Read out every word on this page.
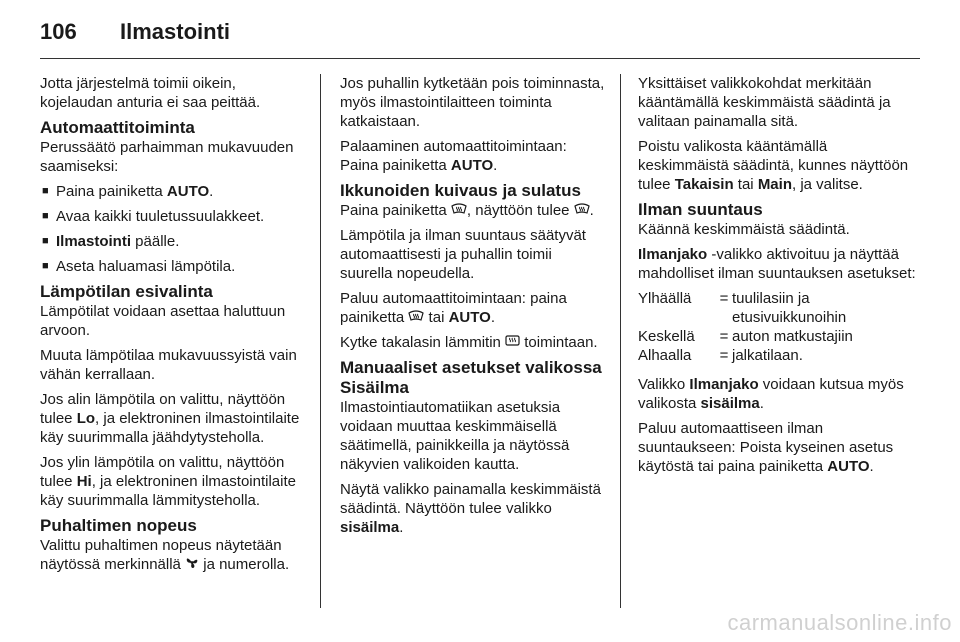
106 Ilmastointi

Jotta järjestelmä toimii oikein, kojelaudan anturia ei saa peittää.

Automaattitoiminta

Perussäätö parhaimman mukavuuden saamiseksi:

■ Paina painiketta AUTO.
■ Avaa kaikki tuuletussuulakkeet.
■ Ilmastointi päälle.
■ Aseta haluamasi lämpötila.
Lämpötilan esivalinta

Lämpötilat voidaan asettaa haluttuun arvoon.

Muuta lämpötilaa mukavuussyistä vain vähän kerrallaan.

Jos alin lämpötila on valittu, näyttöön tulee Lo, ja elektroninen ilmastointilaite käy suurimmalla jäähdytysteholla.

Jos ylin lämpötila on valittu, näyttöön tulee Hi, ja elektroninen ilmastointilaite käy suurimmalla lämmitysteholla.

Puhaltimen nopeus

Valittu puhaltimen nopeus näytetään näytössä merkinnällä  ja numerolla.

Jos puhallin kytketään pois toiminnasta, myös ilmastointilaitteen toiminta katkaistaan.

Palaaminen automaattitoimintaan: Paina painiketta AUTO.

Ikkunoiden kuivaus ja sulatus

Paina painiketta , näyttöön tulee .

Lämpötila ja ilman suuntaus säätyvät automaattisesti ja puhallin toimii suurella nopeudella.

Paluu automaattitoimintaan: paina painiketta  tai AUTO.

Kytke takalasin lämmitin  toimintaan.

Manuaaliset asetukset valikossa Sisäilma

Ilmastointiautomatiikan asetuksia voidaan muuttaa keskimmäisellä säätimellä, painikkeilla ja näytössä näkyvien valikoiden kautta.

Näytä valikko painamalla keskimmäistä säädintä. Näyttöön tulee valikko sisäilma.

Yksittäiset valikkokohdat merkitään kääntämällä keskimmäistä säädintä ja valitaan painamalla sitä.

Poistu valikosta kääntämällä keskimmäistä säädintä, kunnes näyttöön tulee Takaisin tai Main, ja valitse.

Ilman suuntaus

Käännä keskimmäistä säädintä.

Ilmanjako -valikko aktivoituu ja näyttää mahdolliset ilman suuntauksen asetukset:

Ylhäällä	=	tuulilasiin ja etusivuikkunoihin
Keskellä	=	auton matkustajiin
Alhaalla	=	jalkatilaan.

Valikko Ilmanjako voidaan kutsua myös valikosta sisäilma.

Paluu automaattiseen ilman suuntaukseen: Poista kyseinen asetus käytöstä tai paina painiketta AUTO.

carmanualsonline.info
